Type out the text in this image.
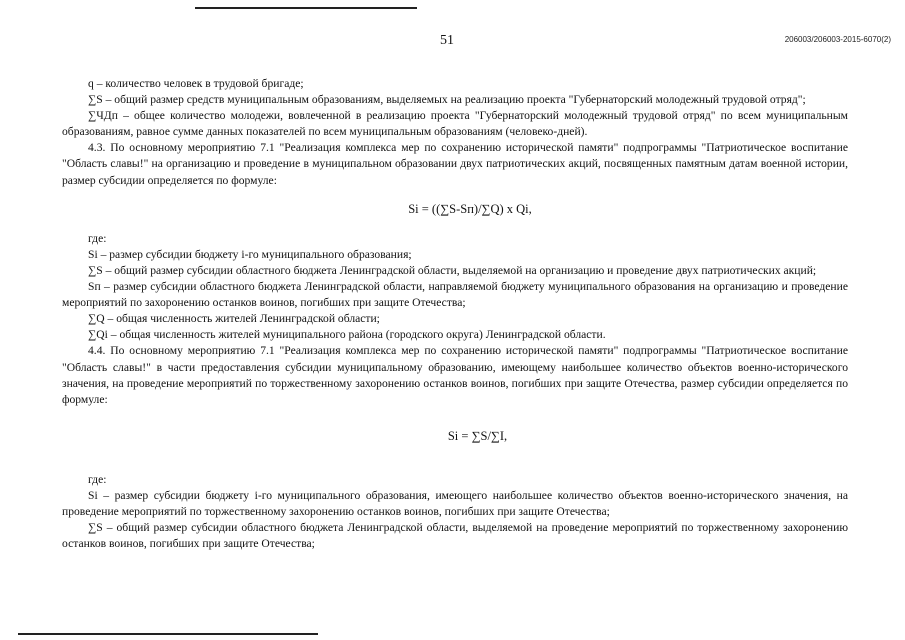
51	206003/206003-2015-6070(2)

q – количество человек в трудовой бригаде;

∑S – общий размер средств муниципальным образованиям, выделяемых на реализацию проекта "Губернаторский молодежный трудовой отряд";

∑ЧДп – общее количество молодежи, вовлеченной в реализацию проекта "Губернаторский молодежный трудовой отряд" по всем муниципальным образованиям, равное сумме данных показателей по всем муниципальным образованиям (человеко-дней).

4.3. По основному мероприятию 7.1 "Реализация комплекса мер по сохранению исторической памяти" подпрограммы "Патриотическое воспитание "Область славы!" на организацию и проведение в муниципальном образовании двух патриотических акций, посвященных памятным датам военной истории, размер субсидии определяется по формуле:

Si = ((∑S-Sп)/∑Q) x Qi,

где:

Si – размер субсидии бюджету i-го муниципального образования;

∑S – общий размер субсидии областного бюджета Ленинградской области, выделяемой на организацию и проведение двух патриотических акций;

Sп – размер субсидии областного бюджета Ленинградской области, направляемой бюджету муниципального образования на организацию и проведение мероприятий по захоронению останков воинов, погибших при защите Отечества;

∑Q – общая численность жителей Ленинградской области;

∑Qi – общая численность жителей муниципального района (городского округа) Ленинградской области.

4.4. По основному мероприятию 7.1 "Реализация комплекса мер по сохранению исторической памяти" подпрограммы "Патриотическое воспитание "Область славы!" в части предоставления субсидии муниципальному образованию, имеющему наибольшее количество объектов военно-исторического значения, на проведение мероприятий по торжественному захоронению останков воинов, погибших при защите Отечества, размер субсидии определяется по формуле:

Si = ∑S/∑I,

где:

Si – размер субсидии бюджету i-го муниципального образования, имеющего наибольшее количество объектов военно-исторического значения, на проведение мероприятий по торжественному захоронению останков воинов, погибших при защите Отечества;

∑S – общий размер субсидии областного бюджета Ленинградской области, выделяемой на проведение мероприятий по торжественному захоронению останков воинов, погибших при защите Отечества;
